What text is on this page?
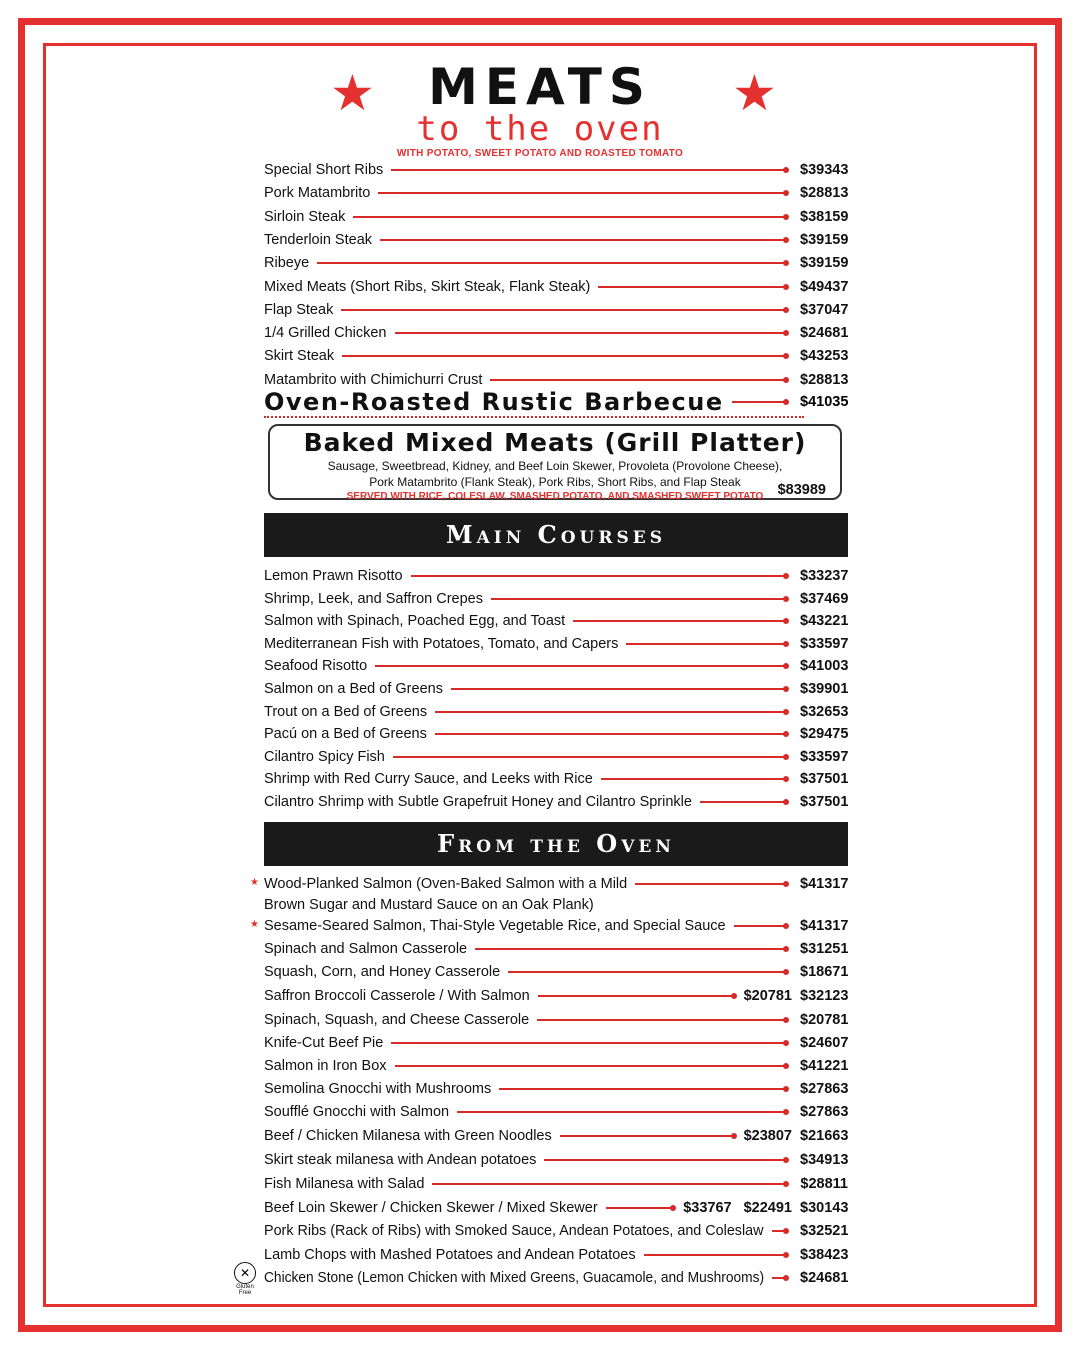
★	★
MEATS
to the oven
WITH POTATO, SWEET POTATO AND ROASTED TOMATO
Special Short Ribs	$39343
Pork Matambrito	$28813
Sirloin Steak	$38159
Tenderloin Steak	$39159
Ribeye	$39159
Mixed Meats (Short Ribs, Skirt Steak, Flank Steak)	$49437
Flap Steak	$37047
1/4 Grilled Chicken	$24681
Skirt Steak	$43253
Matambrito with Chimichurri Crust	$28813
Oven-Roasted Rustic Barbecue	$41035
Baked Mixed Meats (Grill Platter)
Sausage, Sweetbread, Kidney, and Beef Loin Skewer, Provoleta (Provolone Cheese),
Pork Matambrito (Flank Steak), Pork Ribs, Short Ribs, and Flap Steak
SERVED WITH RICE, COLESLAW, SMASHED POTATO, AND SMASHED SWEET POTATO $83989
Main Courses
Lemon Prawn Risotto	$33237
Shrimp, Leek, and Saffron Crepes	$37469
Salmon with Spinach, Poached Egg, and Toast	$43221
Mediterranean Fish with Potatoes, Tomato, and Capers	$33597
Seafood Risotto	$41003
Salmon on a Bed of Greens	$39901
Trout on a Bed of Greens	$32653
Pacú on a Bed of Greens	$29475
Cilantro Spicy Fish	$33597
Shrimp with Red Curry Sauce, and Leeks with Rice	$37501
Cilantro Shrimp with Subtle Grapefruit Honey and Cilantro Sprinkle	$37501
From the Oven
Wood-Planked Salmon (Oven-Baked Salmon with a Mild	$41317
★
Brown Sugar and Mustard Sauce on an Oak Plank)
Sesame-Seared Salmon, Thai-Style Vegetable Rice, and Special Sauce	$41317
★
Spinach and Salmon Casserole	$31251
Squash, Corn, and Honey Casserole	$18671
Saffron Broccoli Casserole / With Salmon	$20781 $32123
Spinach, Squash, and Cheese Casserole	$20781
Knife-Cut Beef Pie	$24607
Salmon in Iron Box	$41221
Semolina Gnocchi with Mushrooms	$27863
Soufflé Gnocchi with Salmon	$27863
Beef / Chicken Milanesa with Green Noodles	$23807 $21663
Skirt steak milanesa with Andean potatoes	$34913
Fish Milanesa with Salad	$28811
Beef Loin Skewer / Chicken Skewer / Mixed Skewer	$33767 $22491 $30143
Pork Ribs (Rack of Ribs) with Smoked Sauce, Andean Potatoes, and Coleslaw	$32521
Lamb Chops with Mashed Potatoes and Andean Potatoes	$38423
Chicken Stone (Lemon Chicken with Mixed Greens, Guacamole, and Mushrooms) $24681
✕
Gluten Free
